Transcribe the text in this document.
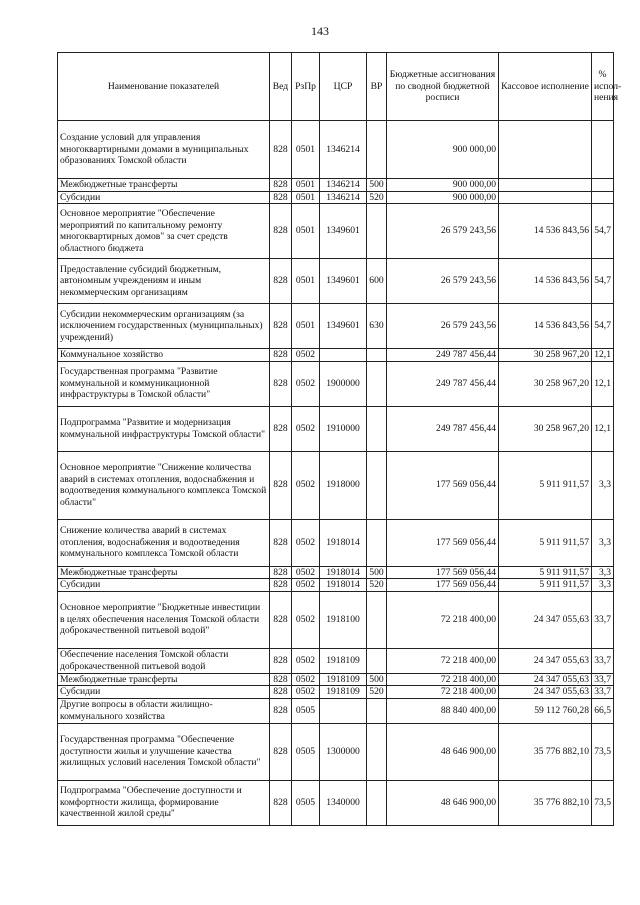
143
Наименование показателей	Вед	РзПр	ЦСР	ВР	Бюджетные ассигнования по сводной бюджетной росписи	Кассовое исполнение	% испол- нения
Создание условий для управления многоквартирными домами в муниципальных образованиях Томской области	828	0501	1346214		900 000,00		
Межбюджетные трансферты	828	0501	1346214	500	900 000,00		
Субсидии	828	0501	1346214	520	900 000,00		
Основное мероприятие "Обеспечение мероприятий по капитальному ремонту многоквартирных домов" за счет средств областного бюджета	828	0501	1349601		26 579 243,56	14 536 843,56	54,7
Предоставление субсидий бюджетным, автономным учреждениям и иным некоммерческим организациям	828	0501	1349601	600	26 579 243,56	14 536 843,56	54,7
Субсидии некоммерческим организациям (за исключением государственных (муниципальных) учреждений)	828	0501	1349601	630	26 579 243,56	14 536 843,56	54,7
Коммунальное хозяйство	828	0502			249 787 456,44	30 258 967,20	12,1
Государственная программа "Развитие коммунальной и коммуникационной инфраструктуры в Томской области"	828	0502	1900000		249 787 456,44	30 258 967,20	12,1
Подпрограмма "Развитие и модернизация коммунальной инфраструктуры Томской области"	828	0502	1910000		249 787 456,44	30 258 967,20	12,1
Основное мероприятие "Снижение количества аварий в системах отопления, водоснабжения и водоотведения коммунального комплекса Томской области"	828	0502	1918000		177 569 056,44	5 911 911,57	3,3
Снижение количества аварий в системах отопления, водоснабжения и водоотведения коммунального комплекса Томской области	828	0502	1918014		177 569 056,44	5 911 911,57	3,3
Межбюджетные трансферты	828	0502	1918014	500	177 569 056,44	5 911 911,57	3,3
Субсидии	828	0502	1918014	520	177 569 056,44	5 911 911,57	3,3
Основное мероприятие "Бюджетные инвестиции в целях обеспечения населения Томской области доброкачественной питьевой водой"	828	0502	1918100		72 218 400,00	24 347 055,63	33,7
Обеспечение населения Томской области доброкачественной питьевой водой	828	0502	1918109		72 218 400,00	24 347 055,63	33,7
Межбюджетные трансферты	828	0502	1918109	500	72 218 400,00	24 347 055,63	33,7
Субсидии	828	0502	1918109	520	72 218 400,00	24 347 055,63	33,7
Другие вопросы в области жилищно-коммунального хозяйства	828	0505			88 840 400,00	59 112 760,28	66,5
Государственная программа "Обеспечение доступности жилья и улучшение качества жилищных условий населения Томской области"	828	0505	1300000		48 646 900,00	35 776 882,10	73,5
Подпрограмма "Обеспечение доступности и комфортности жилища, формирование качественной жилой среды"	828	0505	1340000		48 646 900,00	35 776 882,10	73,5
